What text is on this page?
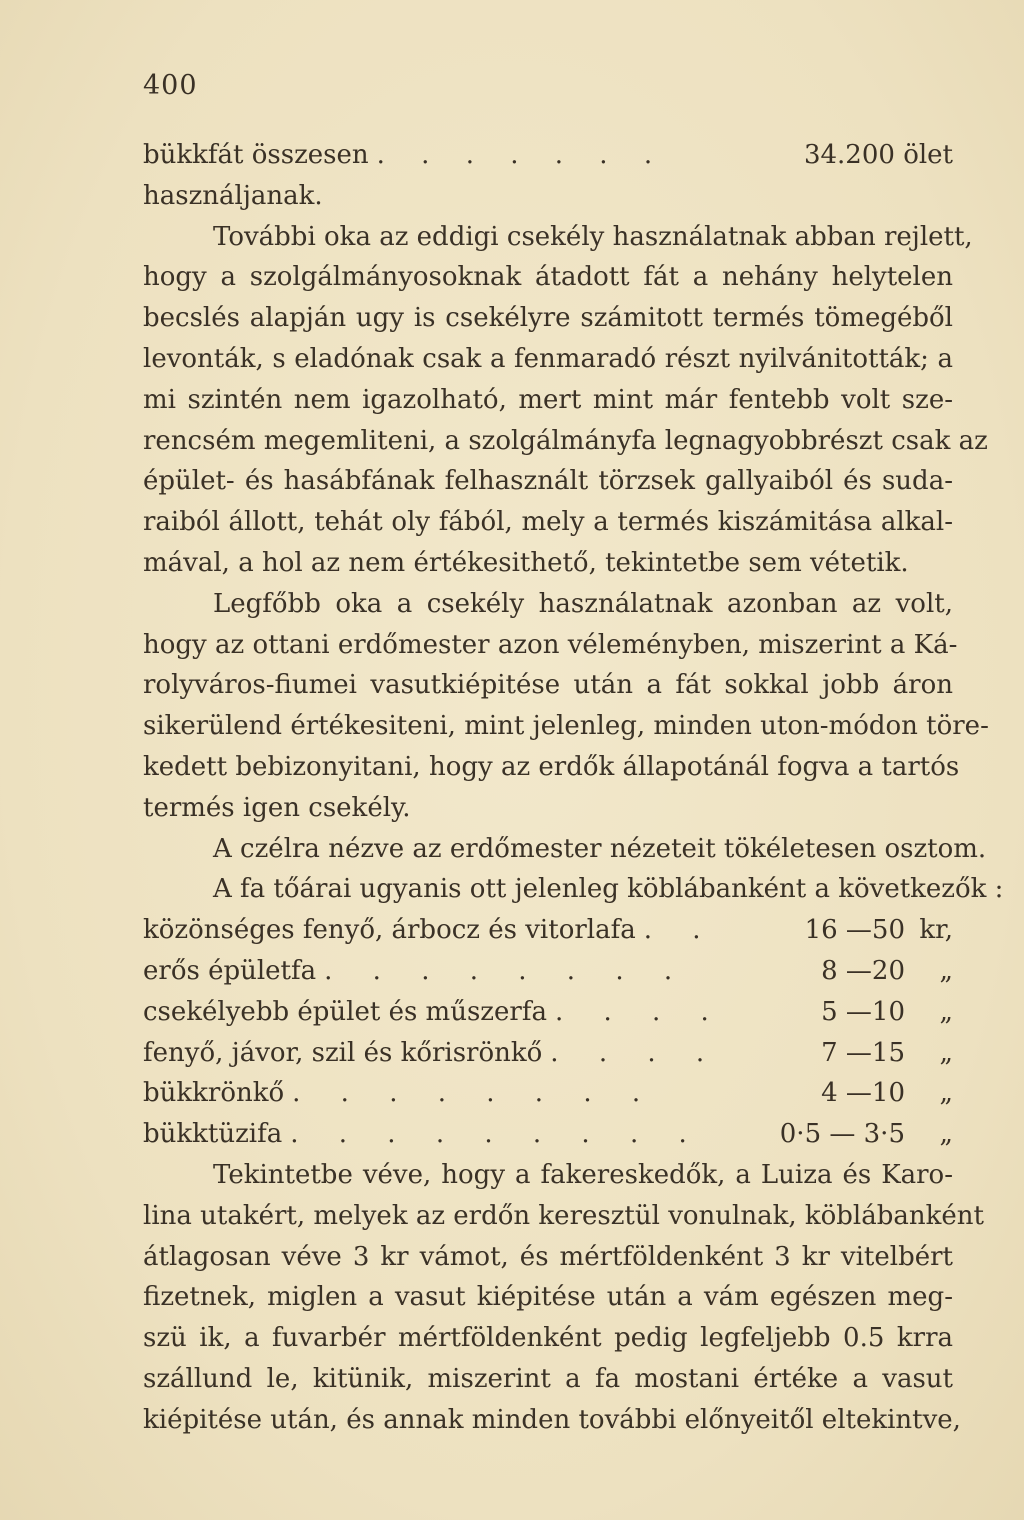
400
bükkfát összesen . . . . . . .	34.200 ölet
használjanak.
További oka az eddigi csekély használatnak abban rejlett,
hogy a szolgálmányosoknak átadott fát a nehány helytelen
becslés alapján ugy is csekélyre számitott termés tömegéből
levonták, s eladónak csak a fenmaradó részt nyilvánitották; a
mi szintén nem igazolható, mert mint már fentebb volt sze-
rencsém megemliteni, a szolgálmányfa legnagyobbrészt csak az
épület- és hasábfának felhasznált törzsek gallyaiból és suda-
raiból állott, tehát oly fából, mely a termés kiszámitása alkal-
mával, a hol az nem értékesithető, tekintetbe sem vétetik.
Legfőbb oka a csekély használatnak azonban az volt,
hogy az ottani erdőmester azon véleményben, miszerint a Ká-
rolyváros-fiumei vasutkiépitése után a fát sokkal jobb áron
sikerülend értékesiteni, mint jelenleg, minden uton-módon töre-
kedett bebizonyitani, hogy az erdők állapotánál fogva a tartós
termés igen csekély.
A czélra nézve az erdőmester nézeteit tökéletesen osztom.
A fa tőárai ugyanis ott jelenleg köblábanként a következők :
közönséges fenyő, árbocz és vitorlafa . .	16 —50 kr,
erős épületfa . . . . . . . .	8 —20	„
csekélyebb épület és műszerfa . . . .	5 —10	„
fenyő, jávor, szil és kőrisrönkő . . . .	7 —15	„
bükkrönkő . . . . . . . .	4 —10	„
bükktüzifa . . . . . . . . .	0·5 — 3·5	„
Tekintetbe véve, hogy a fakereskedők, a Luiza és Karo-
lina utakért, melyek az erdőn keresztül vonulnak, köblábanként
átlagosan véve 3 kr vámot, és mértföldenként 3 kr vitelbért
fizetnek, miglen a vasut kiépitése után a vám egészen meg-
szü ik, a fuvarbér mértföldenként pedig legfeljebb 0.5 krra
szállund le, kitünik, miszerint a fa mostani értéke a vasut
kiépitése után, és annak minden további előnyeitől eltekintve,
